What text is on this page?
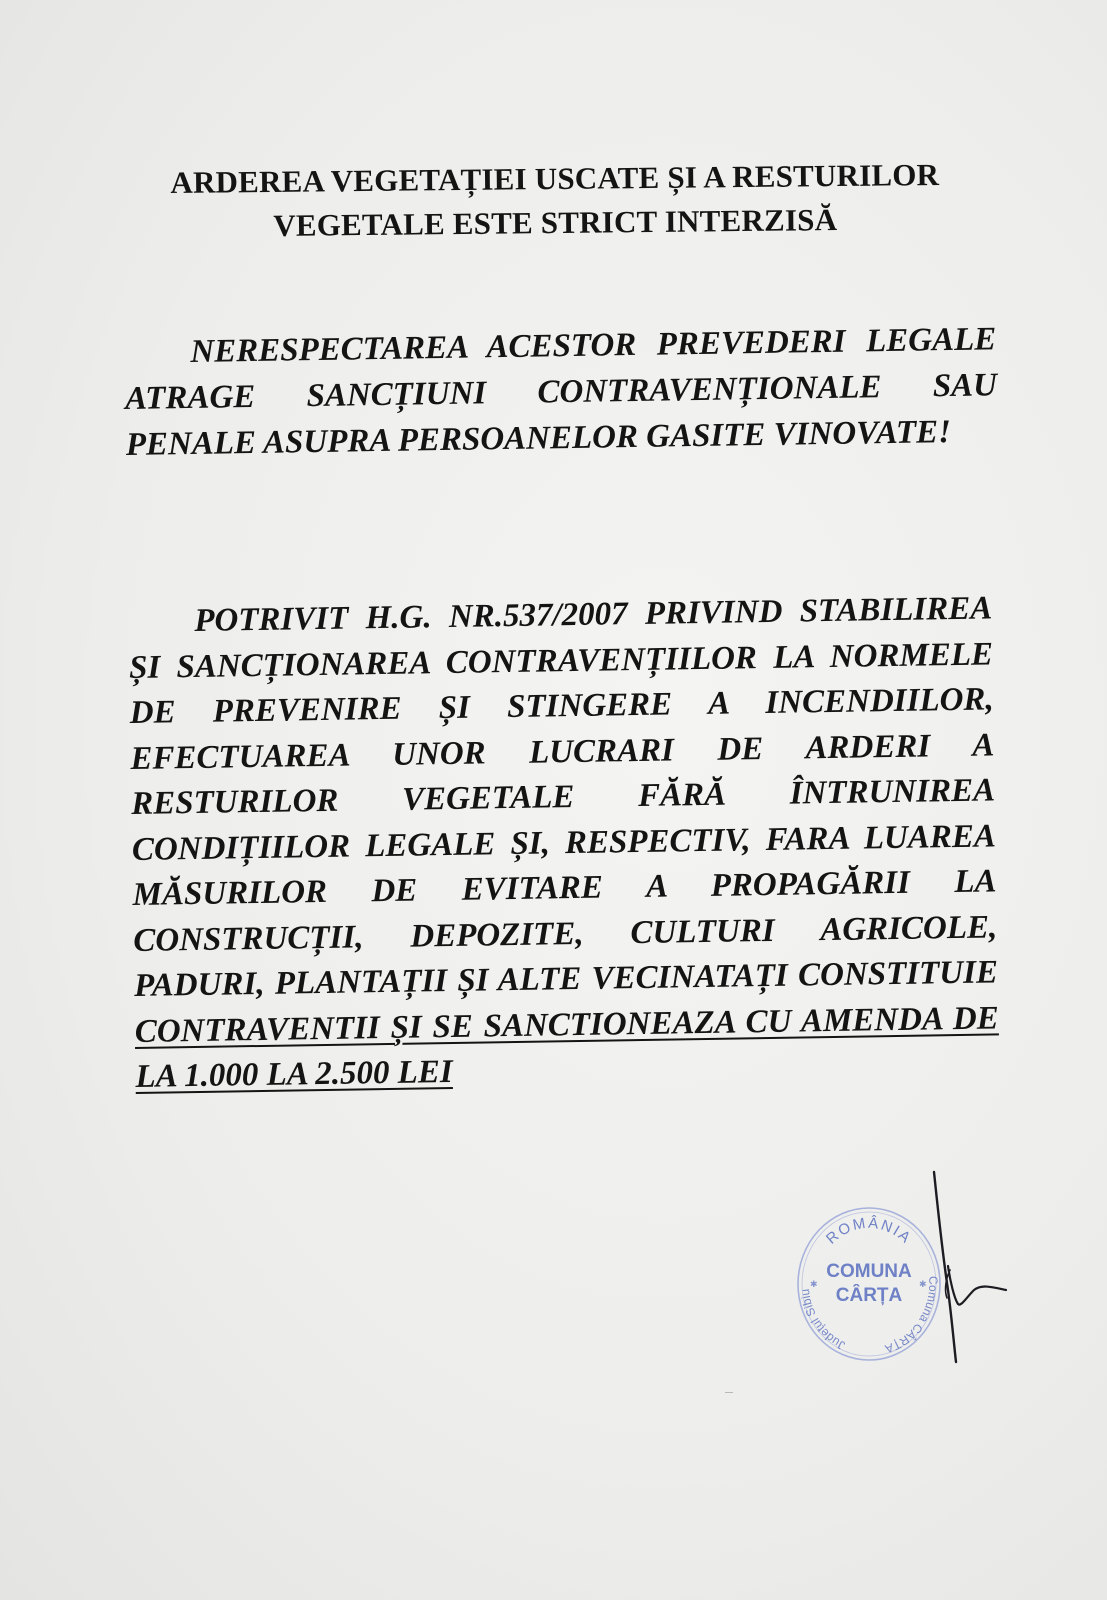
ARDEREA VEGETAȚIEI USCATE ȘI A RESTURILOR
VEGETALE ESTE STRICT INTERZISĂ

NERESPECTAREA ACESTOR PREVEDERI LEGALE ATRAGE SANCȚIUNI CONTRAVENȚIONALE SAU PENALE ASUPRA PERSOANELOR GASITE VINOVATE!

POTRIVIT H.G. NR.537/2007 PRIVIND STABILIREA ȘI SANCȚIONAREA CONTRAVENȚIILOR LA NORMELE DE PREVENIRE ȘI STINGERE A INCENDIILOR, EFECTUAREA UNOR LUCRARI DE ARDERI A RESTURILOR VEGETALE FĂRĂ ÎNTRUNIREA CONDIȚIILOR LEGALE ȘI, RESPECTIV, FARA LUAREA MĂSURILOR DE EVITARE A PROPAGĂRII LA CONSTRUCȚII, DEPOZITE, CULTURI AGRICOLE, PADURI, PLANTAȚII ȘI ALTE VECINATAȚI CONSTITUIE CONTRAVENTII ȘI SE SANCTIONEAZA CU AMENDA DE LA 1.000 LA 2.500 LEI

ROMÂNIA
Județul Sibiu
Comuna CÂRȚA
COMUNA
CÂRȚA
✱	✱
